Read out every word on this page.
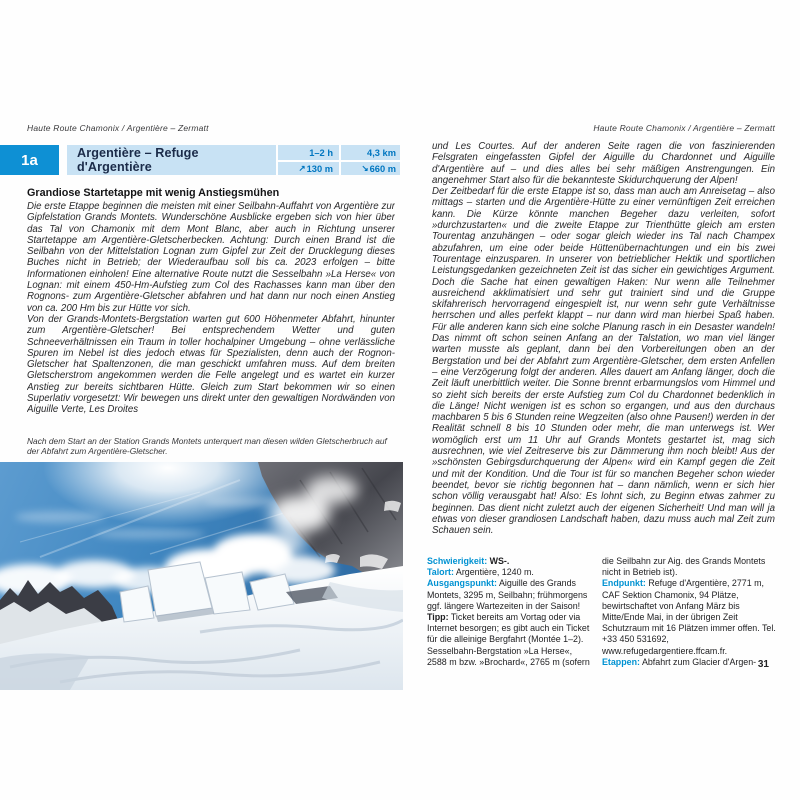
Haute Route Chamonix / Argentière – Zermatt
1a	Argentière – Refuge
d'Argentière
1–2 h	4,3 km
↗ 130 m	↘ 660 m
Grandiose Startetappe mit wenig Anstiegsmühen

Die erste Etappe beginnen die meisten mit einer Seilbahn-Auffahrt von Argentière zur Gipfelstation Grands Montets. Wunderschöne Ausblicke ergeben sich von hier über das Tal von Chamonix mit dem Mont Blanc, aber auch in Richtung unserer Startetappe am Argentière-Gletscherbecken. Achtung: Durch einen Brand ist die Seilbahn von der Mittelstation Lognan zum Gipfel zur Zeit der Drucklegung dieses Buches nicht in Betrieb; der Wiederaufbau soll bis ca. 2023 erfolgen – bitte Informationen einholen! Eine alternative Route nutzt die Sesselbahn »La Herse« von Lognan: mit einem 450-Hm-Aufstieg zum Col des Rachasses kann man über den Rognons- zum Argentière-Gletscher abfahren und hat dann nur noch einen Anstieg von ca. 200 Hm bis zur Hütte vor sich.

Von der Grands-Montets-Bergstation warten gut 600 Höhenmeter Abfahrt, hinunter zum Argentière-Gletscher! Bei entsprechendem Wetter und guten Schneeverhältnissen ein Traum in toller hochalpiner Umgebung – ohne verlässliche Spuren im Nebel ist dies jedoch etwas für Spezialisten, denn auch der Rognon-Gletscher hat Spaltenzonen, die man geschickt umfahren muss. Auf dem breiten Gletscherstrom angekommen werden die Felle angelegt und es wartet ein kurzer Anstieg zur bereits sichtbaren Hütte. Gleich zum Start bekommen wir so einen Superlativ vorgesetzt: Wir bewegen uns direkt unter den gewaltigen Nordwänden von Aiguille Verte, Les Droites

Nach dem Start an der Station Grands Montets unterquert man diesen wilden Gletscherbruch auf der Abfahrt zum Argentière-Gletscher.

Haute Route Chamonix / Argentière – Zermatt

und Les Courtes. Auf der anderen Seite ragen die von faszinierenden Felsgraten eingefassten Gipfel der Aiguille du Chardonnet und Aiguille d'Argentière auf – und dies alles bei sehr mäßigen Anstrengungen. Ein angenehmer Start also für die bekannteste Skidurchquerung der Alpen!

Der Zeitbedarf für die erste Etappe ist so, dass man auch am Anreisetag – also mittags – starten und die Argentière-Hütte zu einer vernünftigen Zeit erreichen kann. Die Kürze könnte manchen Begeher dazu verleiten, sofort »durchzustarten« und die zweite Etappe zur Trienthütte gleich am ersten Tourentag anzuhängen – oder sogar gleich wieder ins Tal nach Champex abzufahren, um eine oder beide Hüttenübernachtungen und ein bis zwei Tourentage einzusparen. In unserer von betrieblicher Hektik und sportlichen Leistungsgedanken gezeichneten Zeit ist das sicher ein gewichtiges Argument. Doch die Sache hat einen gewaltigen Haken: Nur wenn alle Teilnehmer ausreichend akklimatisiert und sehr gut trainiert sind und die Gruppe skifahrerisch hervorragend eingespielt ist, nur wenn sehr gute Verhältnisse herrschen und alles perfekt klappt – nur dann wird man hierbei Spaß haben. Für alle anderen kann sich eine solche Planung rasch in ein Desaster wandeln! Das nimmt oft schon seinen Anfang an der Talstation, wo man viel länger warten musste als geplant, dann bei den Vorbereitungen oben an der Bergstation und bei der Abfahrt zum Argentière-Gletscher, dem ersten Anfellen – eine Verzögerung folgt der anderen. Alles dauert am Anfang länger, doch die Zeit läuft unerbittlich weiter. Die Sonne brennt erbarmungslos vom Himmel und so zieht sich bereits der erste Aufstieg zum Col du Chardonnet bedenklich in die Länge! Nicht wenigen ist es schon so ergangen, und aus den durchaus machbaren 5 bis 6 Stunden reine Wegzeiten (also ohne Pausen!) werden in der Realität schnell 8 bis 10 Stunden oder mehr, die man unterwegs ist. Wer womöglich erst um 11 Uhr auf Grands Montets gestartet ist, mag sich ausrechnen, wie viel Zeitreserve bis zur Dämmerung ihm noch bleibt! Aus der »schönsten Gebirgsdurchquerung der Alpen« wird ein Kampf gegen die Zeit und mit der Kondition. Und die Tour ist für so manchen Begeher schon wieder beendet, bevor sie richtig begonnen hat – dann nämlich, wenn er sich hier schon völlig verausgabt hat! Also: Es lohnt sich, zu Beginn etwas zahmer zu beginnen. Das dient nicht zuletzt auch der eigenen Sicherheit! Und man will ja etwas von dieser grandiosen Landschaft haben, dazu muss auch mal Zeit zum Schauen sein.

Schwierigkeit: WS-.

Talort: Argentière, 1240 m.

Ausgangspunkt: Aiguille des Grands Montets, 3295 m, Seilbahn; frühmorgens ggf. längere Wartezeiten in der Saison! Tipp: Ticket bereits am Vortag oder via Internet besorgen; es gibt auch ein Ticket für die alleinige Bergfahrt (Montée 1–2). Sesselbahn-Bergstation »La Herse«, 2588 m bzw. »Brochard«, 2765 m (sofern

die Seilbahn zur Aig. des Grands Montets nicht in Betrieb ist).

Endpunkt: Refuge d'Argentière, 2771 m, CAF Sektion Chamonix, 94 Plätze, bewirtschaftet von Anfang März bis Mitte/Ende Mai, in der übrigen Zeit Schutzraum mit 16 Plätzen immer offen. Tel. +33 450 531692, www.refugedargentiere.ffcam.fr.

Etappen: Abfahrt zum Glacier d'Argen- 31
